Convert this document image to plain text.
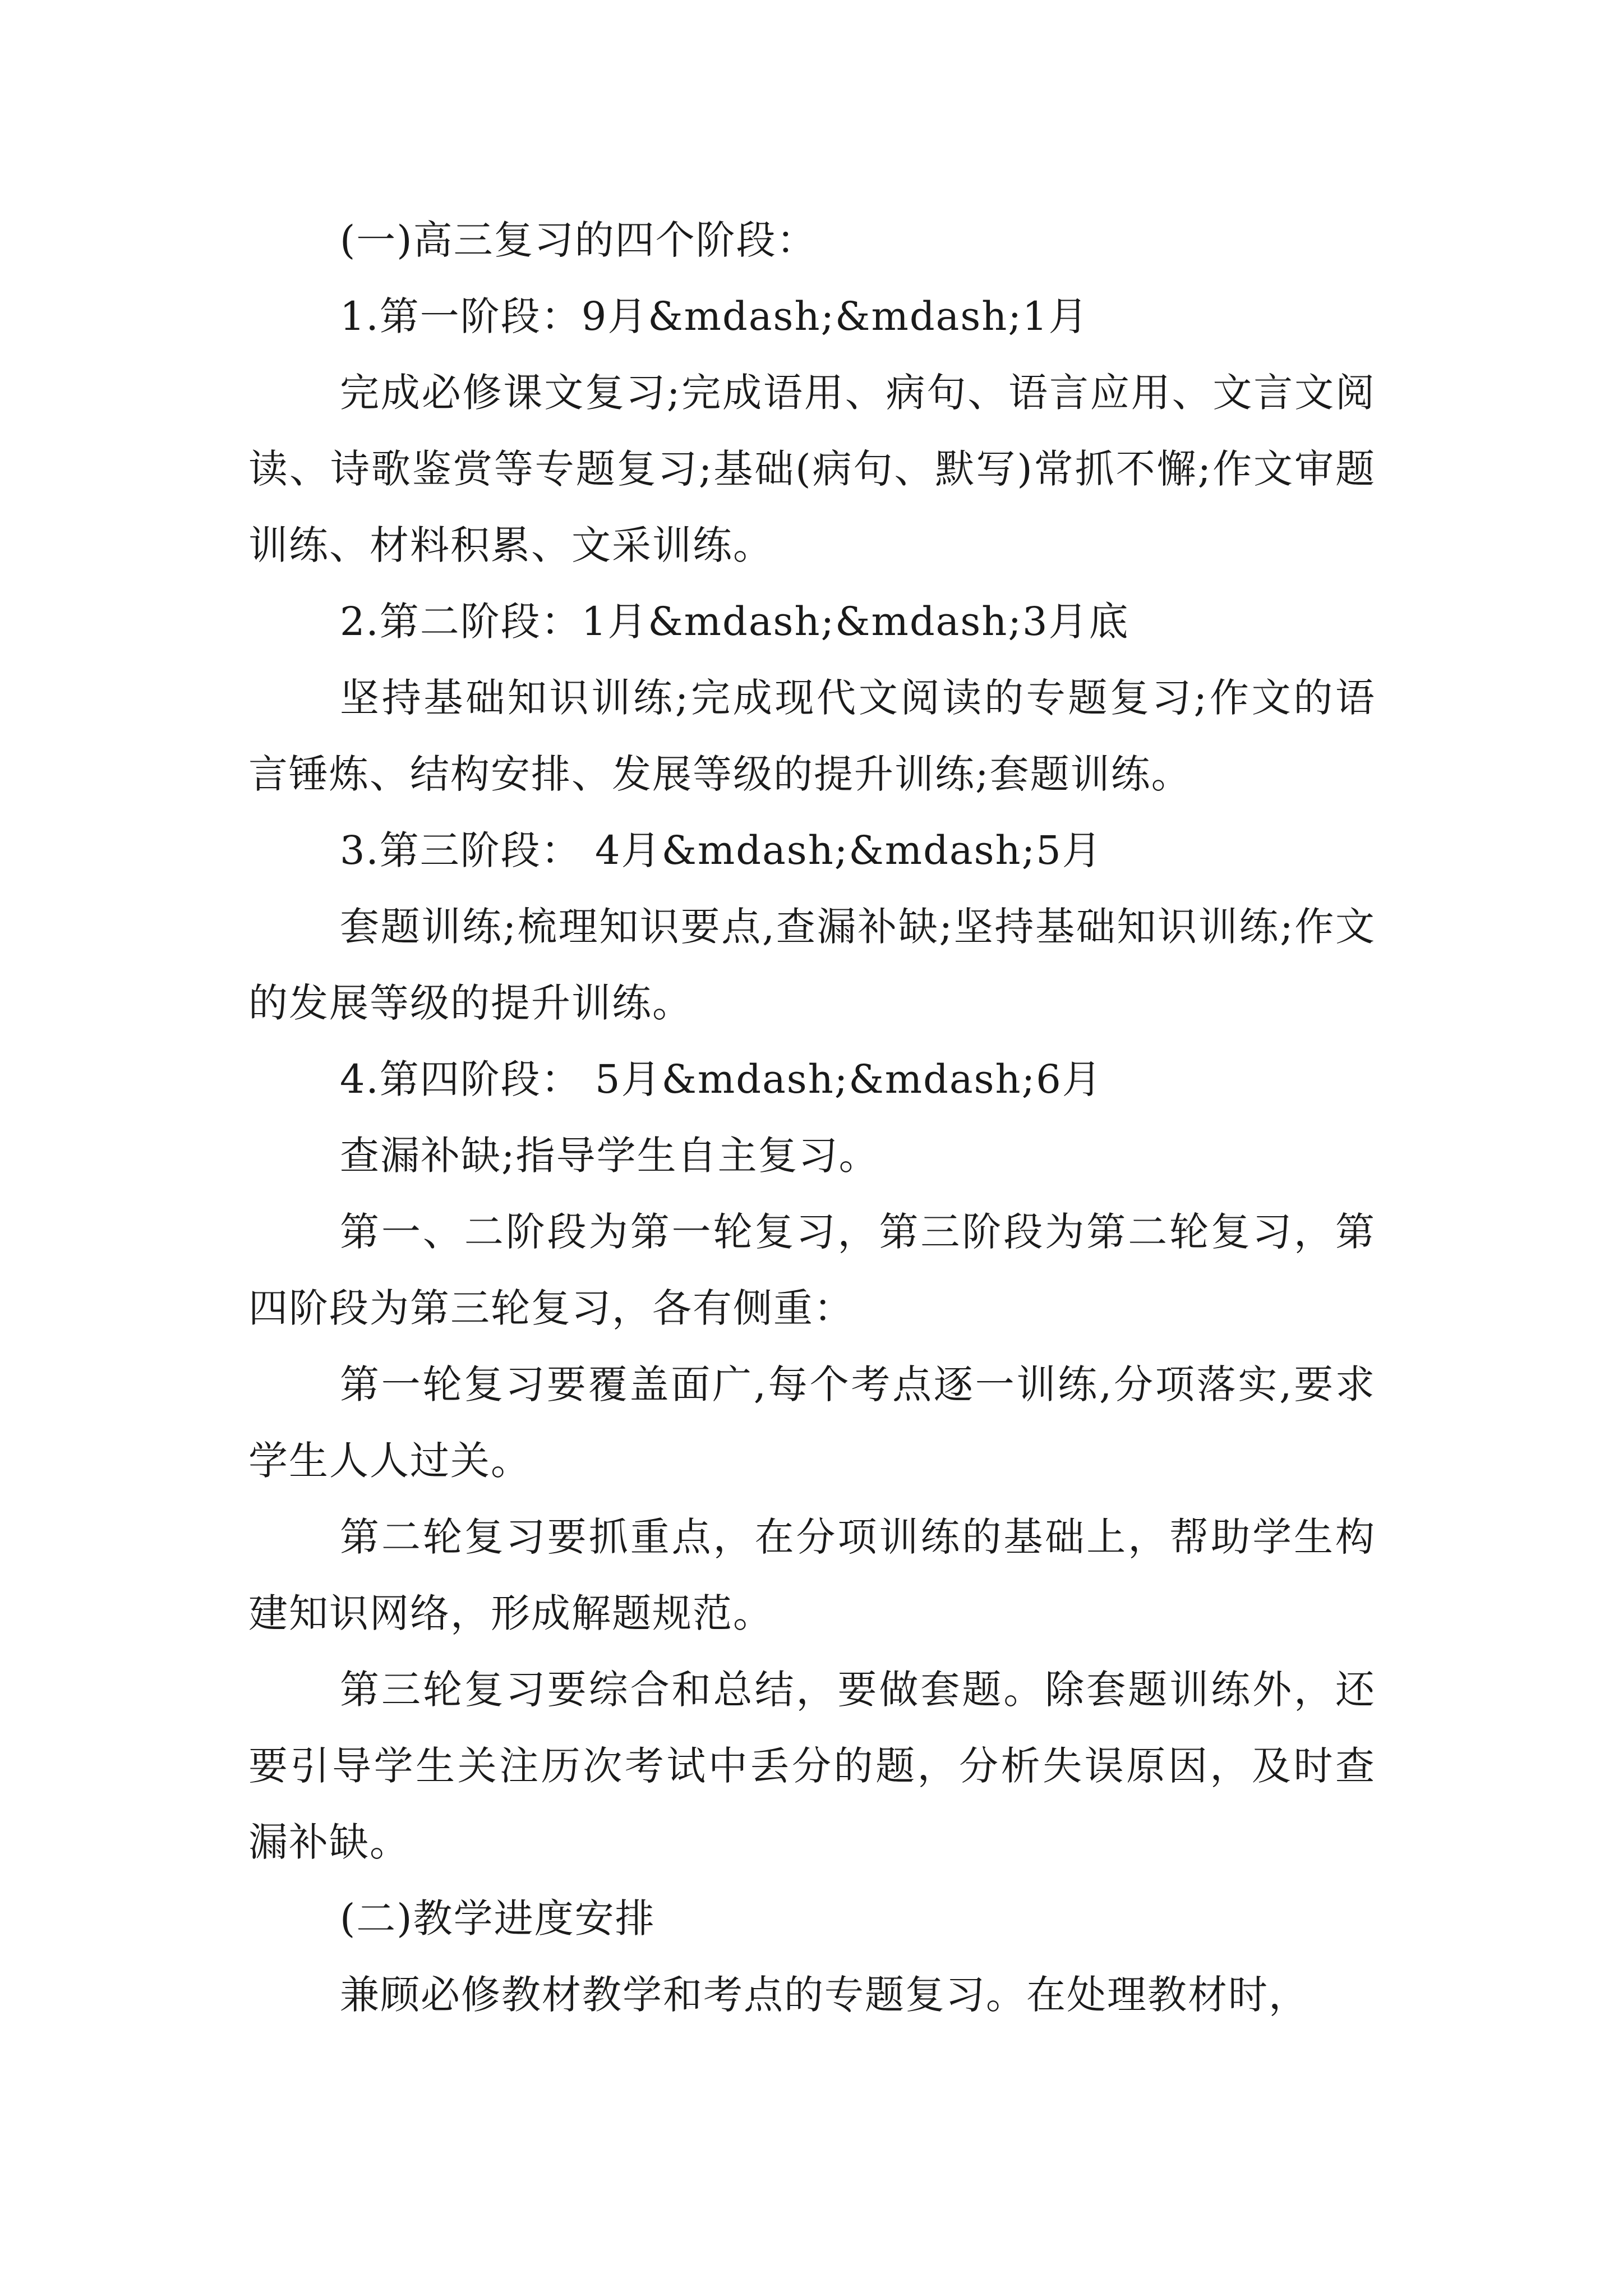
(一)高三复习的四个阶段：

1.第一阶段：9月&mdash;&mdash;1月

完成必修课文复习;完成语用、病句、语言应用、文言文阅读、诗歌鉴赏等专题复习;基础(病句、默写)常抓不懈;作文审题训练、材料积累、文采训练。

2.第二阶段：1月&mdash;&mdash;3月底

坚持基础知识训练;完成现代文阅读的专题复习;作文的语言锤炼、结构安排、发展等级的提升训练;套题训练。

3.第三阶段： 4月&mdash;&mdash;5月

套题训练;梳理知识要点,查漏补缺;坚持基础知识训练;作文的发展等级的提升训练。

4.第四阶段： 5月&mdash;&mdash;6月

查漏补缺;指导学生自主复习。

第一、二阶段为第一轮复习，第三阶段为第二轮复习，第四阶段为第三轮复习，各有侧重：

第一轮复习要覆盖面广,每个考点逐一训练,分项落实,要求学生人人过关。

第二轮复习要抓重点，在分项训练的基础上，帮助学生构建知识网络，形成解题规范。

第三轮复习要综合和总结，要做套题。除套题训练外，还要引导学生关注历次考试中丢分的题，分析失误原因，及时查漏补缺。

(二)教学进度安排

兼顾必修教材教学和考点的专题复习。在处理教材时，
